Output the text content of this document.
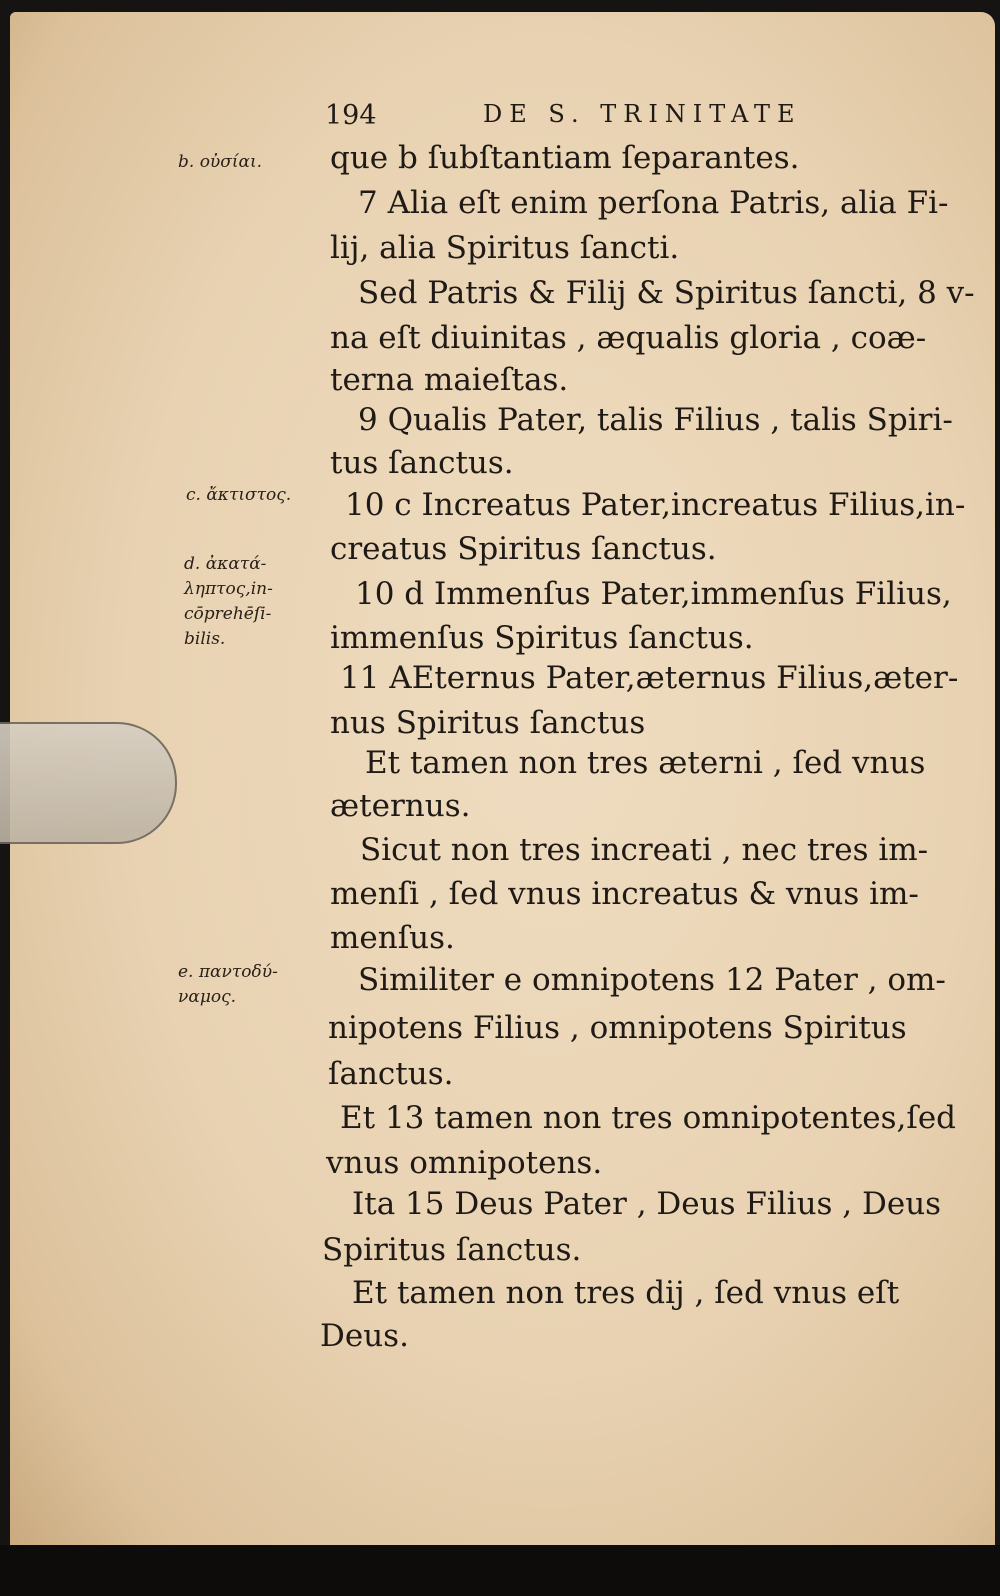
194	DE S. TRINITATE
b. οὐσίαι.
c. ἄκτιστος.
d. ἀκατά-
ληπτος,in-
cōprehēſi-
bilis.
e. παντοδύ-
ναμος.
que b ſubſtantiam ſeparantes.
7 Alia eſt enim perſona Patris, alia Fi-
lij, alia Spiritus ſancti.
Sed Patris & Filij & Spiritus ſancti, 8 v-
na eſt diuinitas , æqualis gloria , coæ-
terna maieſtas.
9 Qualis Pater, talis Filius , talis Spiri-
tus ſanctus.
10 c Increatus Pater,increatus Filius,in-
creatus Spiritus ſanctus.
10 d Immenſus Pater,immenſus Filius,
immenſus Spiritus ſanctus.
11 AEternus Pater,æternus Filius,æter-
nus Spiritus ſanctus
Et tamen non tres æterni , ſed vnus
æternus.
Sicut non tres increati , nec tres im-
menſi , ſed vnus increatus & vnus im-
menſus.
Similiter e omnipotens 12 Pater , om-
nipotens Filius , omnipotens Spiritus
ſanctus.
Et 13 tamen non tres omnipotentes,ſed
vnus omnipotens.
Ita 15 Deus Pater , Deus Filius , Deus
Spiritus ſanctus.
Et tamen non tres dij , ſed vnus eſt
Deus.
